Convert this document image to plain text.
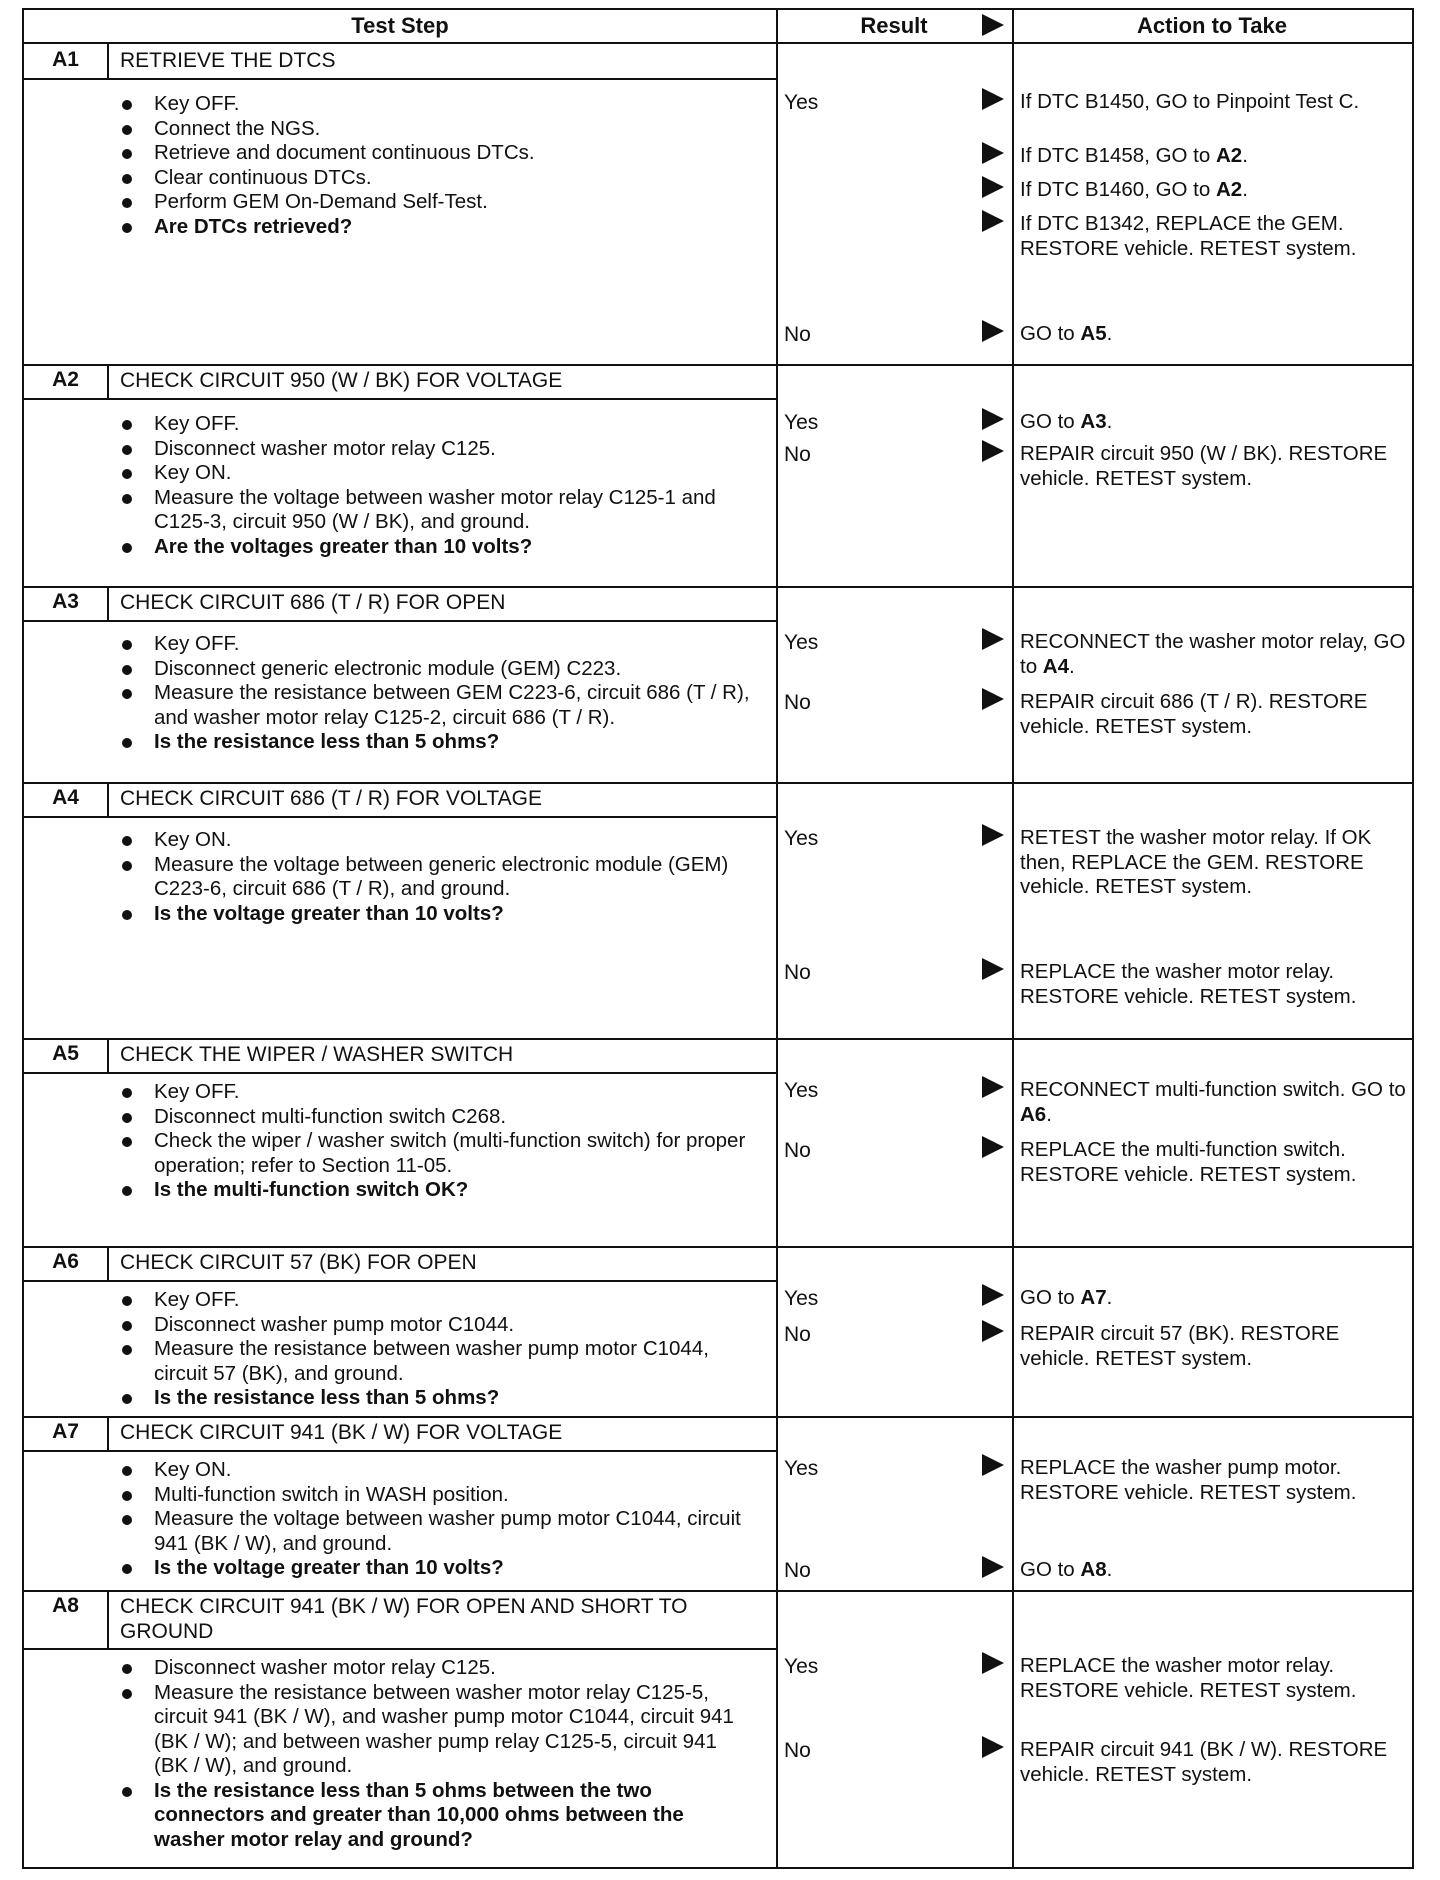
Test Step	Result	Action to Take
A1	RETRIEVE THE DTCS
Key OFF.
Connect the NGS.
Retrieve and document continuous DTCs.
Clear continuous DTCs.
Perform GEM On-Demand Self-Test.
Are DTCs retrieved?
Yes	If DTC B1450, GO to Pinpoint Test C.
If DTC B1458, GO to A2.
If DTC B1460, GO to A2.
If DTC B1342, REPLACE the GEM. RESTORE vehicle. RETEST system.
No	GO to A5.
A2	CHECK CIRCUIT 950 (W / BK) FOR VOLTAGE
Key OFF.
Disconnect washer motor relay C125.
Key ON.
Measure the voltage between washer motor relay C125-1 and C125-3, circuit 950 (W / BK), and ground.
Are the voltages greater than 10 volts?
Yes	GO to A3.
No	REPAIR circuit 950 (W / BK). RESTORE vehicle. RETEST system.
A3	CHECK CIRCUIT 686 (T / R) FOR OPEN
Key OFF.
Disconnect generic electronic module (GEM) C223.
Measure the resistance between GEM C223-6, circuit 686 (T / R), and washer motor relay C125-2, circuit 686 (T / R).
Is the resistance less than 5 ohms?
Yes	RECONNECT the washer motor relay, GO to A4.
No	REPAIR circuit 686 (T / R). RESTORE vehicle. RETEST system.
A4	CHECK CIRCUIT 686 (T / R) FOR VOLTAGE
Key ON.
Measure the voltage between generic electronic module (GEM) C223-6, circuit 686 (T / R), and ground.
Is the voltage greater than 10 volts?
Yes	RETEST the washer motor relay. If OK then, REPLACE the GEM. RESTORE vehicle. RETEST system.
No	REPLACE the washer motor relay. RESTORE vehicle. RETEST system.
A5	CHECK THE WIPER / WASHER SWITCH
Key OFF.
Disconnect multi-function switch C268.
Check the wiper / washer switch (multi-function switch) for proper operation; refer to Section 11-05.
Is the multi-function switch OK?
Yes	RECONNECT multi-function switch. GO to A6.
No	REPLACE the multi-function switch. RESTORE vehicle. RETEST system.
A6	CHECK CIRCUIT 57 (BK) FOR OPEN
Key OFF.
Disconnect washer pump motor C1044.
Measure the resistance between washer pump motor C1044, circuit 57 (BK), and ground.
Is the resistance less than 5 ohms?
Yes	GO to A7.
No	REPAIR circuit 57 (BK). RESTORE vehicle. RETEST system.
A7	CHECK CIRCUIT 941 (BK / W) FOR VOLTAGE
Key ON.
Multi-function switch in WASH position.
Measure the voltage between washer pump motor C1044, circuit 941 (BK / W), and ground.
Is the voltage greater than 10 volts?
Yes	REPLACE the washer pump motor. RESTORE vehicle. RETEST system.
No	GO to A8.
A8	CHECK CIRCUIT 941 (BK / W) FOR OPEN AND SHORT TO GROUND
Disconnect washer motor relay C125.
Measure the resistance between washer motor relay C125-5, circuit 941 (BK / W), and washer pump motor C1044, circuit 941 (BK / W); and between washer pump relay C125-5, circuit 941 (BK / W), and ground.
Is the resistance less than 5 ohms between the two connectors and greater than 10,000 ohms between the washer motor relay and ground?
Yes	REPLACE the washer motor relay. RESTORE vehicle. RETEST system.
No	REPAIR circuit 941 (BK / W). RESTORE vehicle. RETEST system.
